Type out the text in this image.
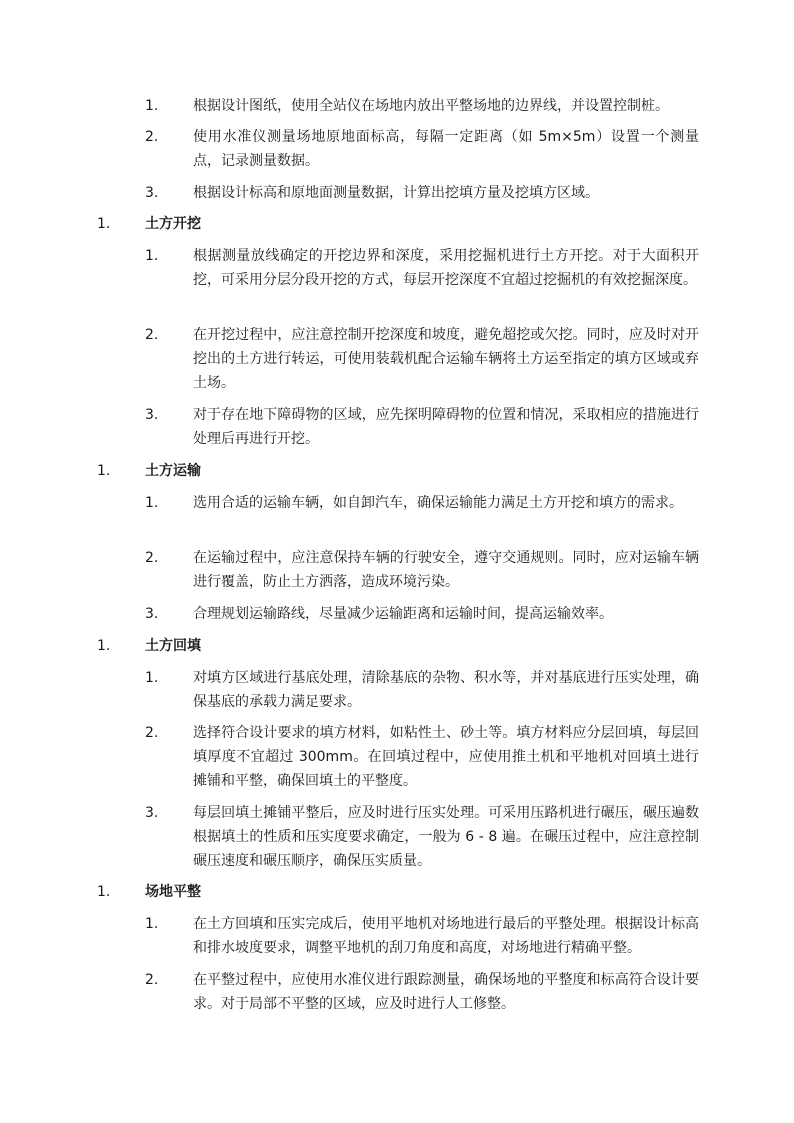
1. 根据设计图纸，使用全站仪在场地内放出平整场地的边界线，并设置控制桩。
2. 使用水准仪测量场地原地面标高，每隔一定距离（如 5m×5m）设置一个测量点，记录测量数据。
3. 根据设计标高和原地面测量数据，计算出挖填方量及挖填方区域。
1. 土方开挖
1. 根据测量放线确定的开挖边界和深度，采用挖掘机进行土方开挖。对于大面积开挖，可采用分层分段开挖的方式，每层开挖深度不宜超过挖掘机的有效挖掘深度。
2. 在开挖过程中，应注意控制开挖深度和坡度，避免超挖或欠挖。同时，应及时对开挖出的土方进行转运，可使用装载机配合运输车辆将土方运至指定的填方区域或弃土场。
3. 对于存在地下障碍物的区域，应先探明障碍物的位置和情况，采取相应的措施进行处理后再进行开挖。
1. 土方运输
1. 选用合适的运输车辆，如自卸汽车，确保运输能力满足土方开挖和填方的需求。
2. 在运输过程中，应注意保持车辆的行驶安全，遵守交通规则。同时，应对运输车辆进行覆盖，防止土方洒落，造成环境污染。
3. 合理规划运输路线，尽量减少运输距离和运输时间，提高运输效率。
1. 土方回填
1. 对填方区域进行基底处理，清除基底的杂物、积水等，并对基底进行压实处理，确保基底的承载力满足要求。
2. 选择符合设计要求的填方材料，如粘性土、砂土等。填方材料应分层回填，每层回填厚度不宜超过 300mm。在回填过程中，应使用推土机和平地机对回填土进行摊铺和平整，确保回填土的平整度。
3. 每层回填土摊铺平整后，应及时进行压实处理。可采用压路机进行碾压，碾压遍数根据填土的性质和压实度要求确定，一般为 6 - 8 遍。在碾压过程中，应注意控制碾压速度和碾压顺序，确保压实质量。
1. 场地平整
1. 在土方回填和压实完成后，使用平地机对场地进行最后的平整处理。根据设计标高和排水坡度要求，调整平地机的刮刀角度和高度，对场地进行精确平整。
2. 在平整过程中，应使用水准仪进行跟踪测量，确保场地的平整度和标高符合设计要求。对于局部不平整的区域，应及时进行人工修整。
